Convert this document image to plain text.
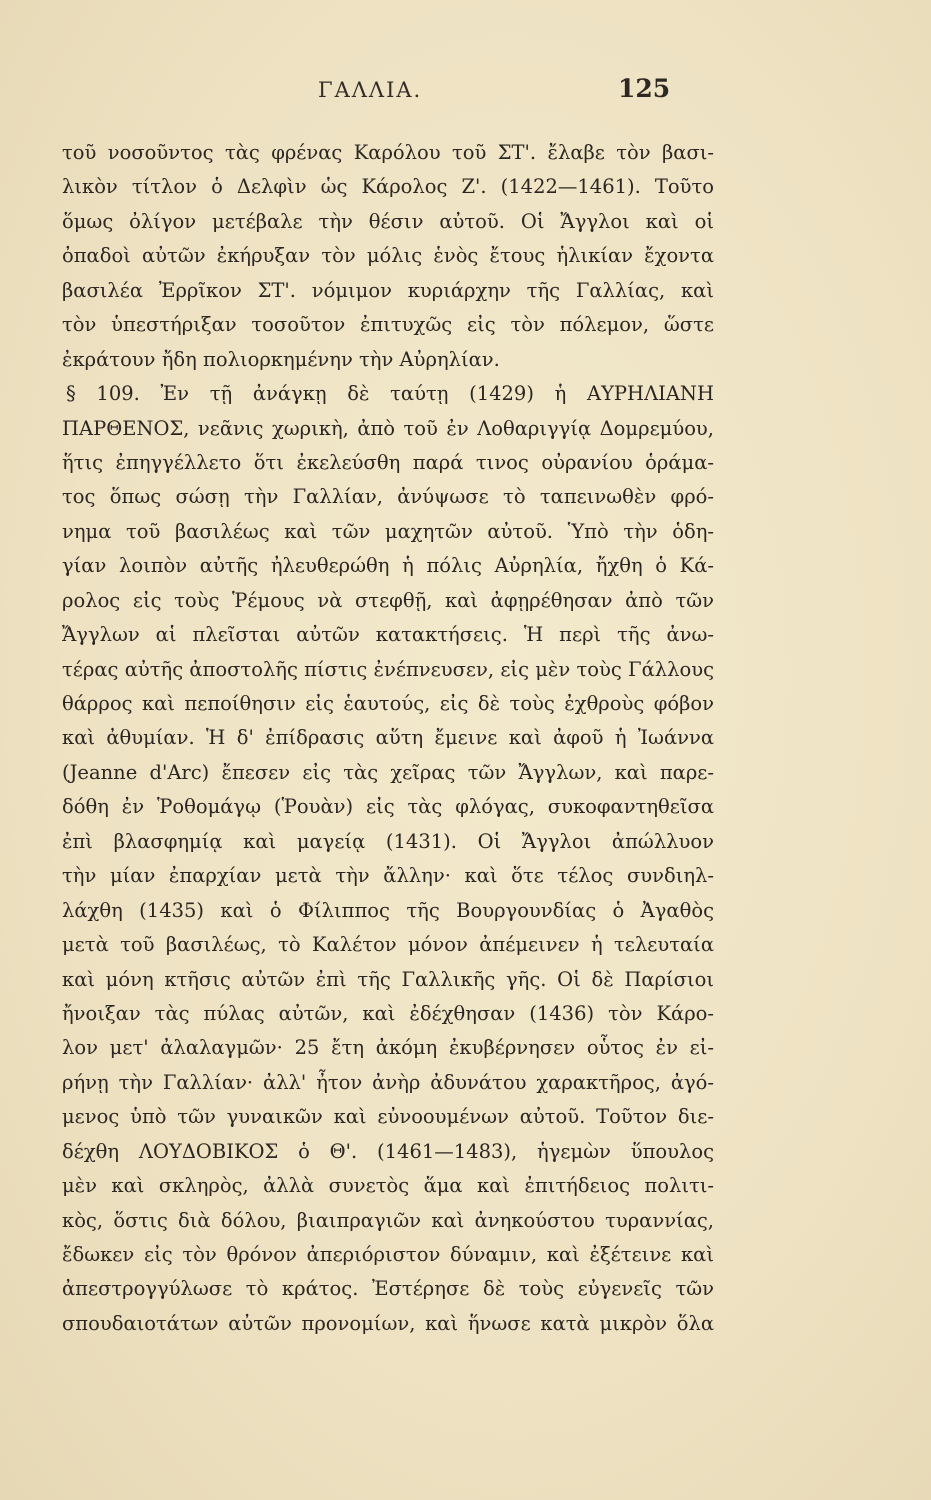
ΓΑΛΛΙΑ.	125
τοῦ νοσοῦντος τὰς φρένας Καρόλου τοῦ ΣΤ'. ἔλαβε τὸν βασι-
λικὸν τίτλον ὁ Δελφὶν ὡς Κάρολος Ζ'. (1422—1461). Τοῦτο
ὅμως ὀλίγον μετέβαλε τὴν θέσιν αὐτοῦ. Οἱ Ἄγγλοι καὶ οἱ
ὀπαδοὶ αὐτῶν ἐκήρυξαν τὸν μόλις ἑνὸς ἔτους ἡλικίαν ἔχοντα
βασιλέα Ἐρρῖκον ΣΤ'. νόμιμον κυριάρχην τῆς Γαλλίας, καὶ
τὸν ὑπεστήριξαν τοσοῦτον ἐπιτυχῶς εἰς τὸν πόλεμον, ὥστε
ἐκράτουν ἤδη πολιορκημένην τὴν Αὐρηλίαν.
§ 109. Ἐν τῇ ἀνάγκῃ δὲ ταύτῃ (1429) ἡ ΑΥΡΗΛΙΑΝΗ
ΠΑΡΘΕΝΟΣ, νεᾶνις χωρικὴ, ἀπὸ τοῦ ἐν Λοθαριγγίᾳ Δομρεμύου,
ἥτις ἐπηγγέλλετο ὅτι ἐκελεύσθη παρά τινος οὐρανίου ὁράμα-
τος ὅπως σώσῃ τὴν Γαλλίαν, ἀνύψωσε τὸ ταπεινωθὲν φρό-
νημα τοῦ βασιλέως καὶ τῶν μαχητῶν αὐτοῦ. Ὑπὸ τὴν ὁδη-
γίαν λοιπὸν αὐτῆς ἠλευθερώθη ἡ πόλις Αὐρηλία, ἤχθη ὁ Κά-
ρολος εἰς τοὺς Ῥέμους νὰ στεφθῇ, καὶ ἀφῃρέθησαν ἀπὸ τῶν
Ἄγγλων αἱ πλεῖσται αὐτῶν κατακτήσεις. Ἡ περὶ τῆς ἀνω-
τέρας αὐτῆς ἀποστολῆς πίστις ἐνέπνευσεν, εἰς μὲν τοὺς Γάλλους
θάρρος καὶ πεποίθησιν εἰς ἑαυτούς, εἰς δὲ τοὺς ἐχθροὺς φόβον
καὶ ἀθυμίαν. Ἡ δ' ἐπίδρασις αὕτη ἔμεινε καὶ ἀφοῦ ἡ Ἰωάννα
(Jeanne d'Arc) ἔπεσεν εἰς τὰς χεῖρας τῶν Ἄγγλων, καὶ παρε-
δόθη ἐν Ῥοθομάγῳ (Ῥουὰν) εἰς τὰς φλόγας, συκοφαντηθεῖσα
ἐπὶ βλασφημίᾳ καὶ μαγείᾳ (1431). Οἱ Ἄγγλοι ἀπώλλυον
τὴν μίαν ἐπαρχίαν μετὰ τὴν ἄλλην· καὶ ὅτε τέλος συνδιηλ-
λάχθη (1435) καὶ ὁ Φίλιππος τῆς Βουργουνδίας ὁ Ἀγαθὸς
μετὰ τοῦ βασιλέως, τὸ Καλέτον μόνον ἀπέμεινεν ἡ τελευταία
καὶ μόνη κτῆσις αὐτῶν ἐπὶ τῆς Γαλλικῆς γῆς. Οἱ δὲ Παρίσιοι
ἤνοιξαν τὰς πύλας αὐτῶν, καὶ ἐδέχθησαν (1436) τὸν Κάρο-
λον μετ' ἀλαλαγμῶν· 25 ἔτη ἀκόμη ἐκυβέρνησεν οὗτος ἐν εἰ-
ρήνῃ τὴν Γαλλίαν· ἀλλ' ἦτον ἀνὴρ ἀδυνάτου χαρακτῆρος, ἀγό-
μενος ὑπὸ τῶν γυναικῶν καὶ εὐνοουμένων αὐτοῦ. Τοῦτον διε-
δέχθη ΛΟΥΔΟΒΙΚΟΣ ὁ Θ'. (1461—1483), ἡγεμὼν ὕπουλος
μὲν καὶ σκληρὸς, ἀλλὰ συνετὸς ἅμα καὶ ἐπιτήδειος πολιτι-
κὸς, ὅστις διὰ δόλου, βιαιπραγιῶν καὶ ἀνηκούστου τυραννίας,
ἔδωκεν εἰς τὸν θρόνον ἀπεριόριστον δύναμιν, καὶ ἐξέτεινε καὶ
ἀπεστρογγύλωσε τὸ κράτος. Ἐστέρησε δὲ τοὺς εὐγενεῖς τῶν
σπουδαιοτάτων αὐτῶν προνομίων, καὶ ἥνωσε κατὰ μικρὸν ὅλα
